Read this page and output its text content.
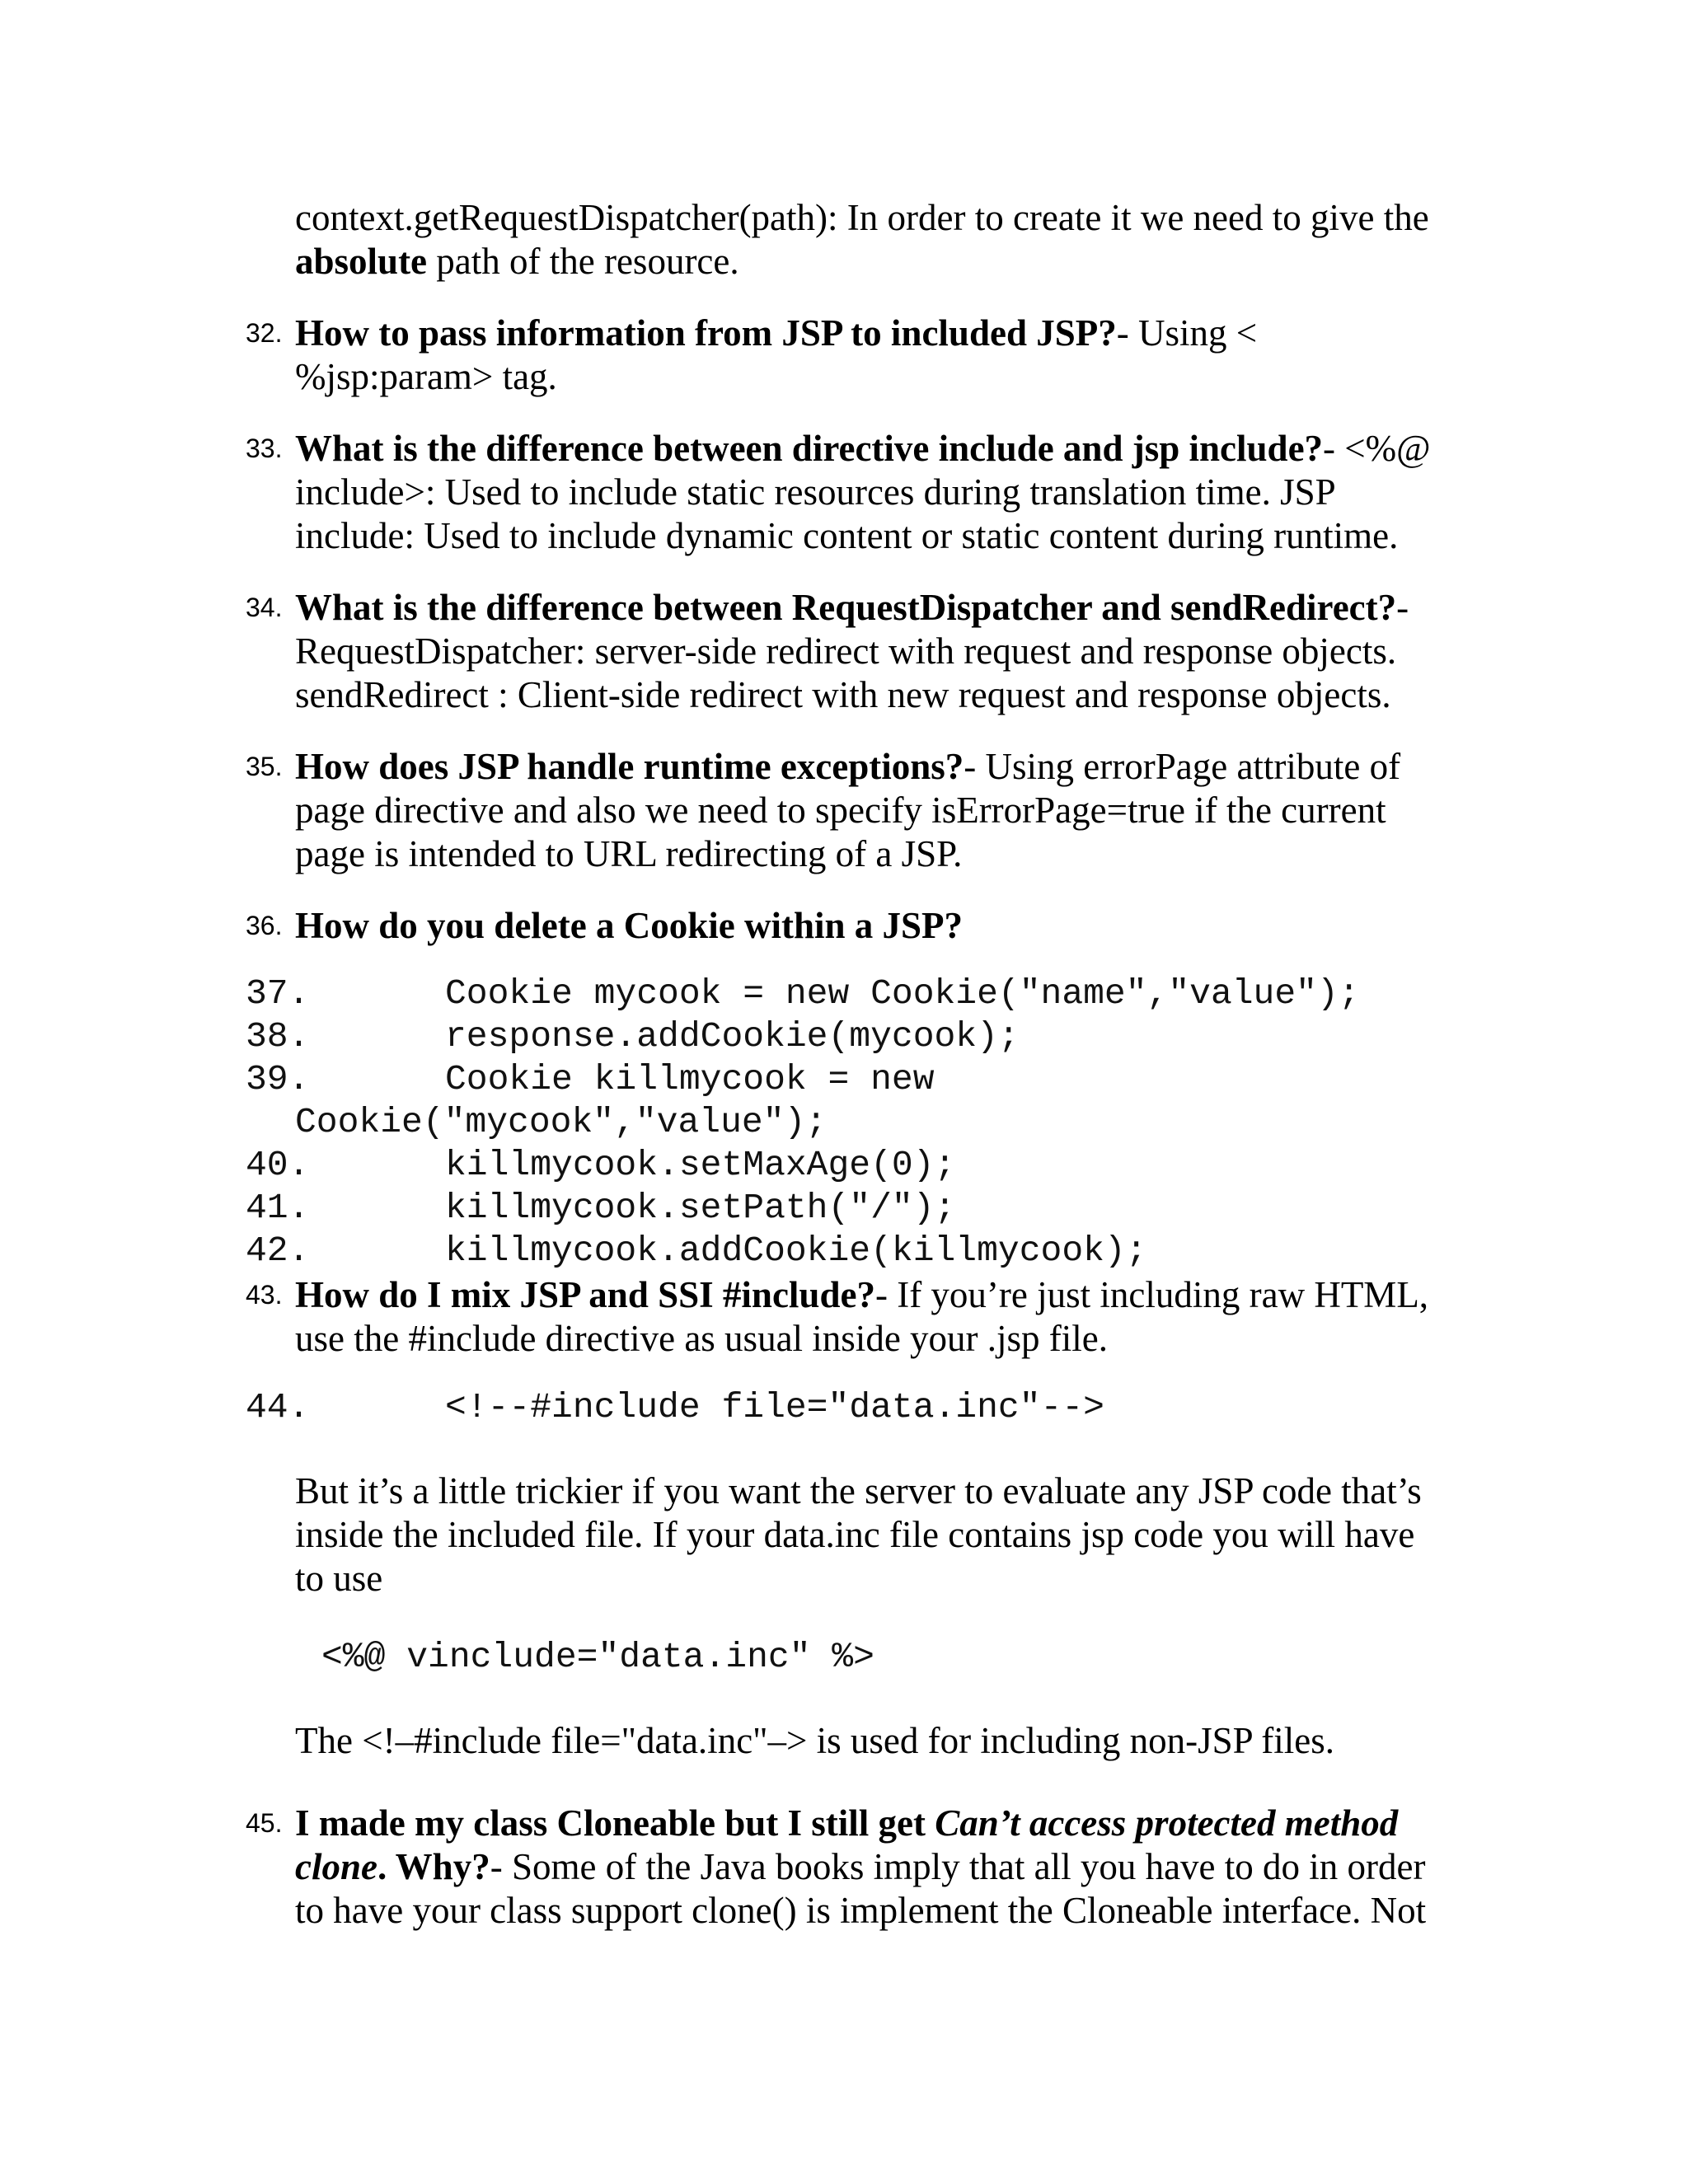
context.getRequestDispatcher(path): In order to create it we need to give the
absolute path of the resource.
32. How to pass information from JSP to included JSP?- Using <
%jsp:param> tag.
33. What is the difference between directive include and jsp include?- <%@
include>: Used to include static resources during translation time. JSP
include: Used to include dynamic content or static content during runtime.
34. What is the difference between RequestDispatcher and sendRedirect?-
RequestDispatcher: server-side redirect with request and response objects.
sendRedirect : Client-side redirect with new request and response objects.
35. How does JSP handle runtime exceptions?- Using errorPage attribute of
page directive and also we need to specify isErrorPage=true if the current
page is intended to URL redirecting of a JSP.
36. How do you delete a Cookie within a JSP?
37.	Cookie mycook = new Cookie("name","value");
38.	response.addCookie(mycook);
39.	Cookie killmycook = new
Cookie("mycook","value");
40.	killmycook.setMaxAge(0);
41.	killmycook.setPath("/");
42.	killmycook.addCookie(killmycook);
43. How do I mix JSP and SSI #include?- If you’re just including raw HTML,
use the #include directive as usual inside your .jsp file.
44.	<!--#include file="data.inc"-->
But it’s a little trickier if you want the server to evaluate any JSP code that’s
inside the included file. If your data.inc file contains jsp code you will have
to use
<%@ vinclude="data.inc" %>
The <!–#include file="data.inc"–> is used for including non-JSP files.
45. I made my class Cloneable but I still get Can’t access protected method
clone. Why?- Some of the Java books imply that all you have to do in order
to have your class support clone() is implement the Cloneable interface. Not
